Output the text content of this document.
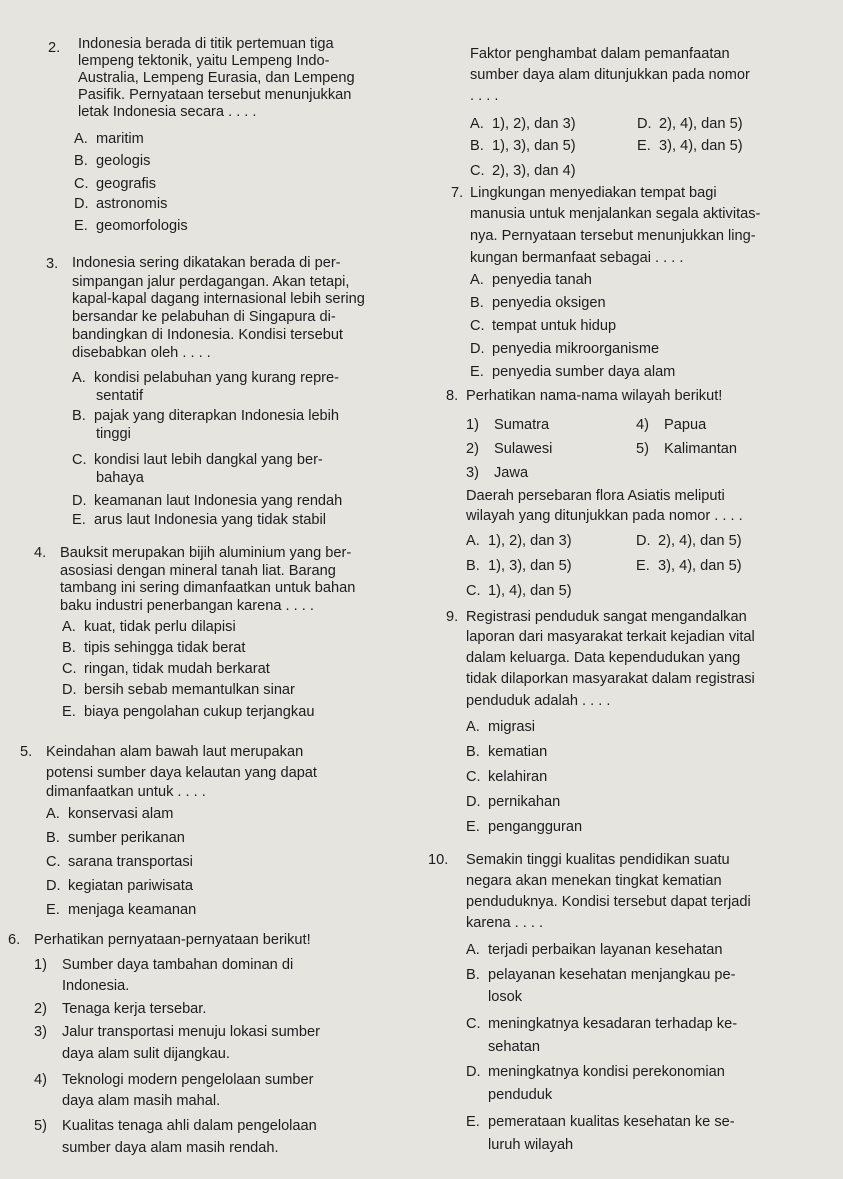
2. Indonesia berada di titik pertemuan tiga
lempeng tektonik, yaitu Lempeng Indo-
Australia, Lempeng Eurasia, dan Lempeng
Pasifik. Pernyataan tersebut menunjukkan
letak Indonesia secara . . . .
A. maritim
B. geologis
C. geografis
D. astronomis
E. geomorfologis
3. Indonesia sering dikatakan berada di per-
simpangan jalur perdagangan. Akan tetapi,
kapal-kapal dagang internasional lebih sering
bersandar ke pelabuhan di Singapura di-
bandingkan di Indonesia. Kondisi tersebut
disebabkan oleh . . . .
A. kondisi pelabuhan yang kurang repre-
sentatif
B. pajak yang diterapkan Indonesia lebih
tinggi
C. kondisi laut lebih dangkal yang ber-
bahaya
D. keamanan laut Indonesia yang rendah
E. arus laut Indonesia yang tidak stabil
4. Bauksit merupakan bijih aluminium yang ber-
asosiasi dengan mineral tanah liat. Barang
tambang ini sering dimanfaatkan untuk bahan
baku industri penerbangan karena . . . .
A. kuat, tidak perlu dilapisi
B. tipis sehingga tidak berat
C. ringan, tidak mudah berkarat
D. bersih sebab memantulkan sinar
E. biaya pengolahan cukup terjangkau
5. Keindahan alam bawah laut merupakan
potensi sumber daya kelautan yang dapat
dimanfaatkan untuk . . . .
A. konservasi alam
B. sumber perikanan
C. sarana transportasi
D. kegiatan pariwisata
E. menjaga keamanan
6. Perhatikan pernyataan-pernyataan berikut!
1) Sumber daya tambahan dominan di
Indonesia.
2) Tenaga kerja tersebar.
3) Jalur transportasi menuju lokasi sumber
daya alam sulit dijangkau.
4) Teknologi modern pengelolaan sumber
daya alam masih mahal.
5) Kualitas tenaga ahli dalam pengelolaan
sumber daya alam masih rendah.
Faktor penghambat dalam pemanfaatan
sumber daya alam ditunjukkan pada nomor
. . . .
A. 1), 2), dan 3)	D. 2), 4), dan 5)
B. 1), 3), dan 5)	E. 3), 4), dan 5)
C. 2), 3), dan 4)
7. Lingkungan menyediakan tempat bagi
manusia untuk menjalankan segala aktivitas-
nya. Pernyataan tersebut menunjukkan ling-
kungan bermanfaat sebagai . . . .
A. penyedia tanah
B. penyedia oksigen
C. tempat untuk hidup
D. penyedia mikroorganisme
E. penyedia sumber daya alam
8. Perhatikan nama-nama wilayah berikut!
1) Sumatra	4) Papua
2) Sulawesi	5) Kalimantan
3) Jawa
Daerah persebaran flora Asiatis meliputi
wilayah yang ditunjukkan pada nomor . . . .
A. 1), 2), dan 3)	D. 2), 4), dan 5)
B. 1), 3), dan 5)	E. 3), 4), dan 5)
C. 1), 4), dan 5)
9. Registrasi penduduk sangat mengandalkan
laporan dari masyarakat terkait kejadian vital
dalam keluarga. Data kependudukan yang
tidak dilaporkan masyarakat dalam registrasi
penduduk adalah . . . .
A. migrasi
B. kematian
C. kelahiran
D. pernikahan
E. pengangguran
10. Semakin tinggi kualitas pendidikan suatu
negara akan menekan tingkat kematian
penduduknya. Kondisi tersebut dapat terjadi
karena . . . .
A. terjadi perbaikan layanan kesehatan
B. pelayanan kesehatan menjangkau pe-
losok
C. meningkatnya kesadaran terhadap ke-
sehatan
D. meningkatnya kondisi perekonomian
penduduk
E. pemerataan kualitas kesehatan ke se-
luruh wilayah
